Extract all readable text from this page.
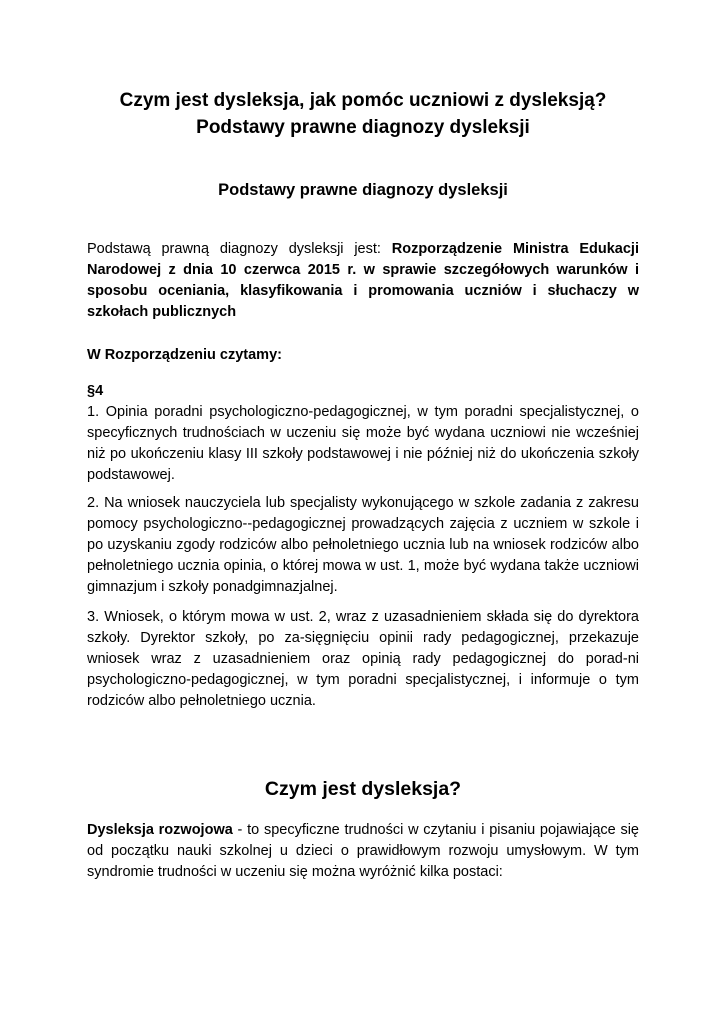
Czym jest dysleksja, jak pomóc uczniowi z dysleksją?
Podstawy prawne diagnozy dysleksji
Podstawy prawne diagnozy dysleksji
Podstawą prawną diagnozy dysleksji jest: Rozporządzenie Ministra Edukacji Narodowej z dnia 10 czerwca 2015 r. w sprawie szczegółowych warunków i sposobu oceniania, klasyfikowania i promowania uczniów i słuchaczy w szkołach publicznych
W Rozporządzeniu czytamy:
§4
1. Opinia poradni psychologiczno-pedagogicznej, w tym poradni specjalistycznej, o specyficznych trudnościach w uczeniu się może być wydana uczniowi nie wcześniej niż po ukończeniu klasy III szkoły podstawowej i nie później niż do ukończenia szkoły podstawowej.
2. Na wniosek nauczyciela lub specjalisty wykonującego w szkole zadania z zakresu pomocy psychologiczno--pedagogicznej prowadzących zajęcia z uczniem w szkole i po uzyskaniu zgody rodziców albo pełnoletniego ucznia lub na wniosek rodziców albo pełnoletniego ucznia opinia, o której mowa w ust. 1, może być wydana także uczniowi gimnazjum i szkoły ponadgimnazjalnej.
3. Wniosek, o którym mowa w ust. 2, wraz z uzasadnieniem składa się do dyrektora szkoły. Dyrektor szkoły, po za-sięgnięciu opinii rady pedagogicznej, przekazuje wniosek wraz z uzasadnieniem oraz opinią rady pedagogicznej do porad-ni psychologiczno-pedagogicznej, w tym poradni specjalistycznej, i informuje o tym rodziców albo pełnoletniego ucznia.
Czym jest dysleksja?
Dysleksja rozwojowa - to specyficzne trudności w czytaniu i pisaniu pojawiające się od początku nauki szkolnej u dzieci o prawidłowym rozwoju umysłowym. W tym syndromie trudności w uczeniu się można wyróżnić kilka postaci:
